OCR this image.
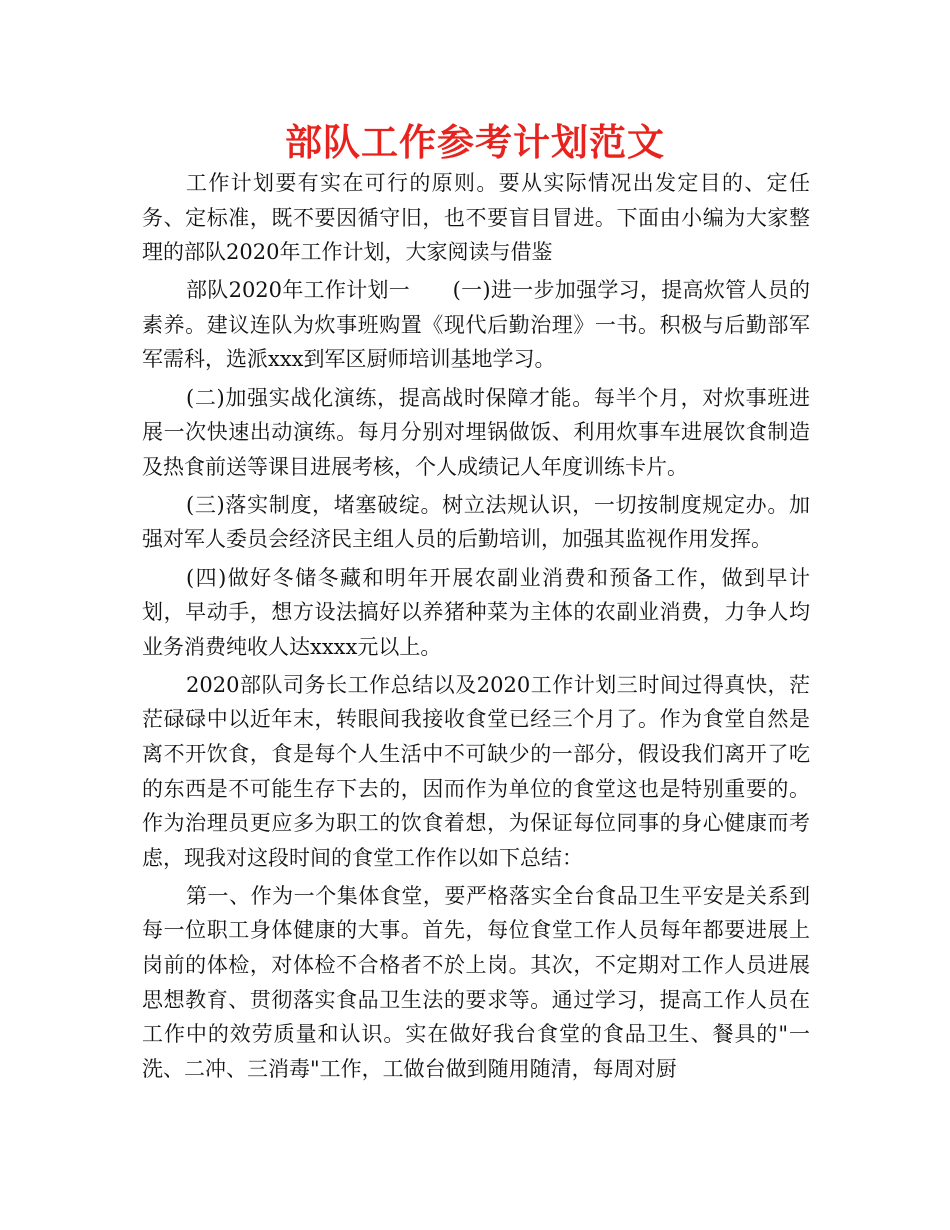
部队工作参考计划范文

工作计划要有实在可行的原则。要从实际情况出发定目的、定任务、定标准，既不要因循守旧，也不要盲目冒进。下面由小编为大家整理的部队2020年工作计划，大家阅读与借鉴

部队2020年工作计划一　　(一)进一步加强学习，提高炊管人员的素养。建议连队为炊事班购置《现代后勤治理》一书。积极与后勤部军军需科，选派xxx到军区厨师培训基地学习。

(二)加强实战化演练，提高战时保障才能。每半个月，对炊事班进展一次快速出动演练。每月分别对埋锅做饭、利用炊事车进展饮食制造及热食前送等课目进展考核，个人成绩记人年度训练卡片。

(三)落实制度，堵塞破绽。树立法规认识，一切按制度规定办。加强对军人委员会经济民主组人员的后勤培训，加强其监视作用发挥。

(四)做好冬储冬藏和明年开展农副业消费和预备工作，做到早计划，早动手，想方设法搞好以养猪种菜为主体的农副业消费，力争人均业务消费纯收人达xxxx元以上。

2020部队司务长工作总结以及2020工作计划三时间过得真快，茫茫碌碌中以近年末，转眼间我接收食堂已经三个月了。作为食堂自然是离不开饮食，食是每个人生活中不可缺少的一部分，假设我们离开了吃的东西是不可能生存下去的，因而作为单位的食堂这也是特别重要的。作为治理员更应多为职工的饮食着想，为保证每位同事的身心健康而考虑，现我对这段时间的食堂工作作以如下总结：

第一、作为一个集体食堂，要严格落实全台食品卫生平安是关系到每一位职工身体健康的大事。首先，每位食堂工作人员每年都要进展上岗前的体检，对体检不合格者不於上岗。其次，不定期对工作人员进展思想教育、贯彻落实食品卫生法的要求等。通过学习，提高工作人员在工作中的效劳质量和认识。实在做好我台食堂的食品卫生、餐具的"一洗、二冲、三消毒"工作，工做台做到随用随清，每周对厨
